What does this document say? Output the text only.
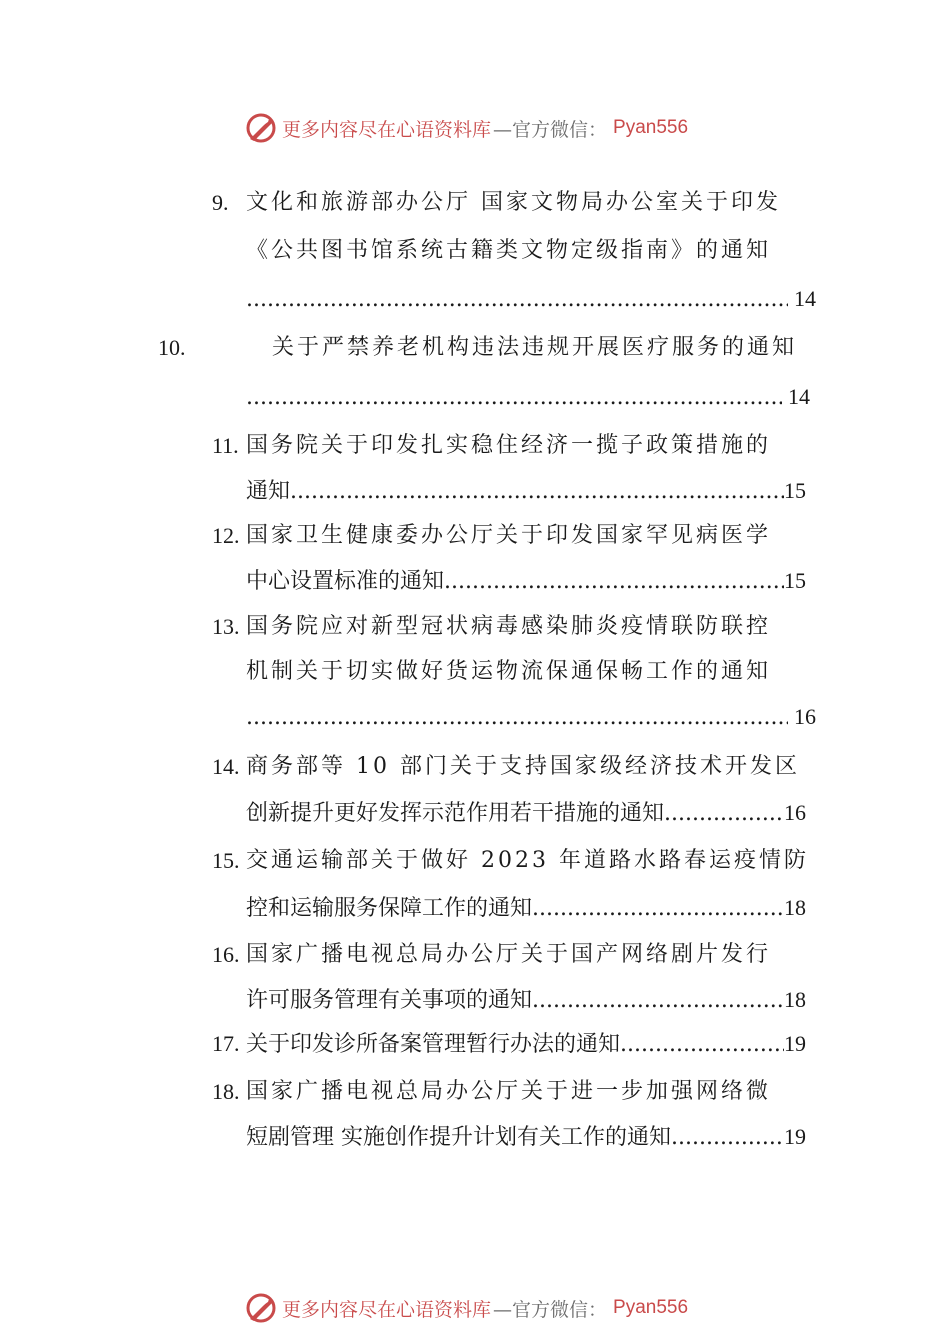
更多内容尽在心语资料库 —官方微信： Pyan556
9. 文化和旅游部办公厅 国家文物局办公室关于印发
《公共图书馆系统古籍类文物定级指南》的通知
.....
14
10.	关于严禁养老机构违法违规开展医疗服务的通知
.....
14
11. 国务院关于印发扎实稳住经济一揽子政策措施的
通知 .....	15
12. 国家卫生健康委办公厅关于印发国家罕见病医学
中心设置标准的通知 .....	15
13. 国务院应对新型冠状病毒感染肺炎疫情联防联控
机制关于切实做好货运物流保通保畅工作的通知
.....
16
14. 商务部等 10 部门关于支持国家级经济技术开发区
创新提升更好发挥示范作用若干措施的通知 .....	16
15. 交通运输部关于做好 2023 年道路水路春运疫情防
控和运输服务保障工作的通知 .....	18
16. 国家广播电视总局办公厅关于国产网络剧片发行
许可服务管理有关事项的通知 .....	18
17. 关于印发诊所备案管理暂行办法的通知 .....	19
18. 国家广播电视总局办公厅关于进一步加强网络微
短剧管理 实施创作提升计划有关工作的通知 .....	19
更多内容尽在心语资料库 —官方微信： Pyan556
